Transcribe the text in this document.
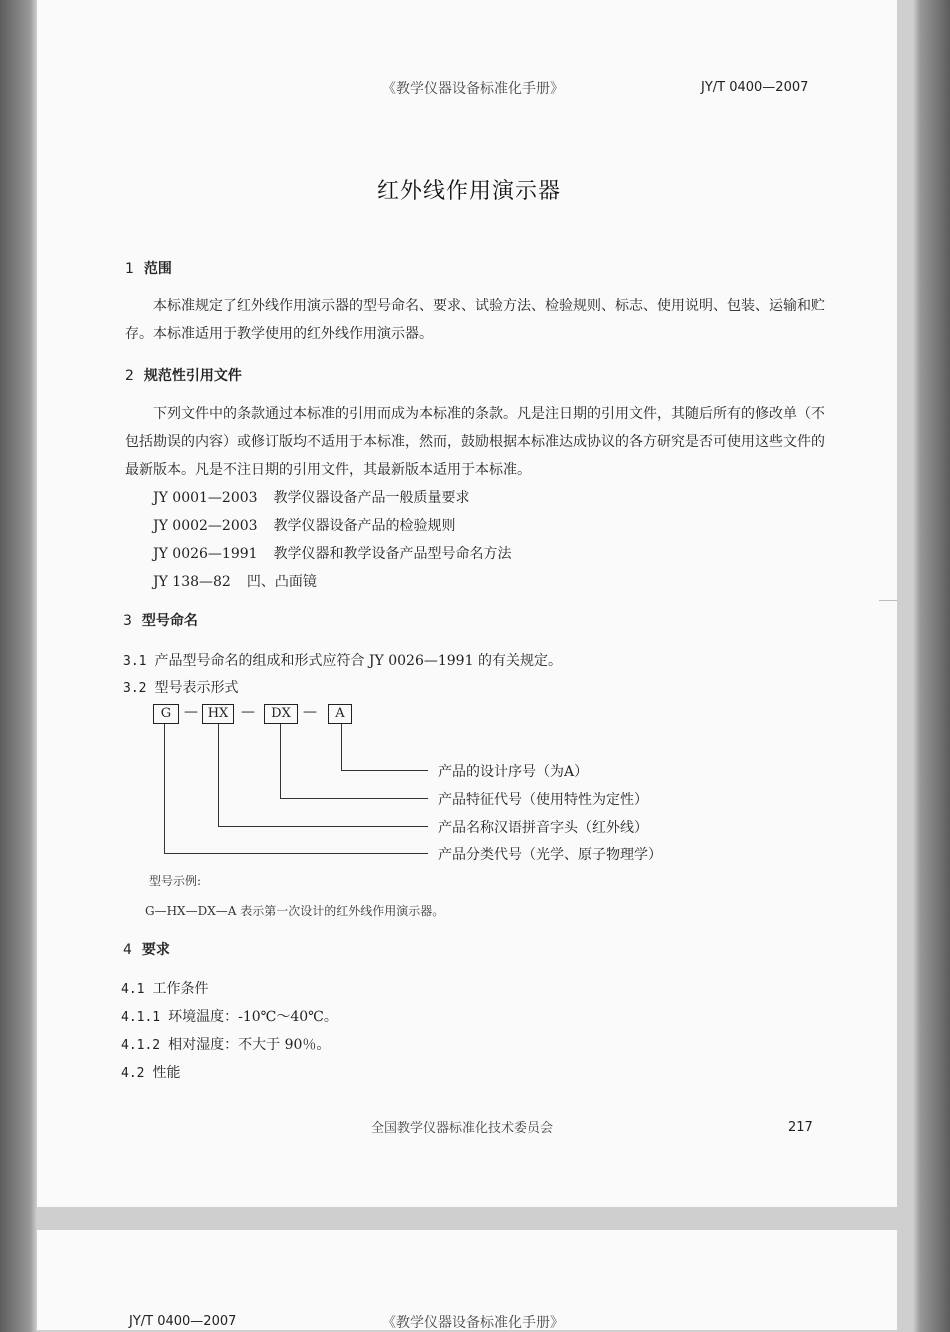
《教学仪器设备标准化手册》	JY/T 0400—2007
红外线作用演示器
1 范围
本标准规定了红外线作用演示器的型号命名、要求、试验方法、检验规则、标志、使用说明、包装、运输和贮存。本标准适用于教学使用的红外线作用演示器。
2 规范性引用文件
下列文件中的条款通过本标准的引用而成为本标准的条款。凡是注日期的引用文件，其随后所有的修改单（不包括勘误的内容）或修订版均不适用于本标准，然而，鼓励根据本标准达成协议的各方研究是否可使用这些文件的最新版本。凡是不注日期的引用文件，其最新版本适用于本标准。
JY 0001—2003 教学仪器设备产品一般质量要求
JY 0002—2003 教学仪器设备产品的检验规则
JY 0026—1991 教学仪器和教学设备产品型号命名方法
JY 138—82 凹、凸面镜
3 型号命名
3.1 产品型号命名的组成和形式应符合 JY 0026—1991 的有关规定。
3.2 型号表示形式
G — HX —	DX —	A
产品的设计序号（为A）
产品特征代号（使用特性为定性）
产品名称汉语拼音字头（红外线）
产品分类代号（光学、原子物理学）
型号示例:
G—HX—DX—A 表示第一次设计的红外线作用演示器。
4 要求
4.1 工作条件
4.1.1 环境温度：-10℃～40℃。
4.1.2 相对湿度：不大于 90％。
4.2 性能
全国教学仪器标准化技术委员会	217
JY/T 0400—2007	《教学仪器设备标准化手册》
